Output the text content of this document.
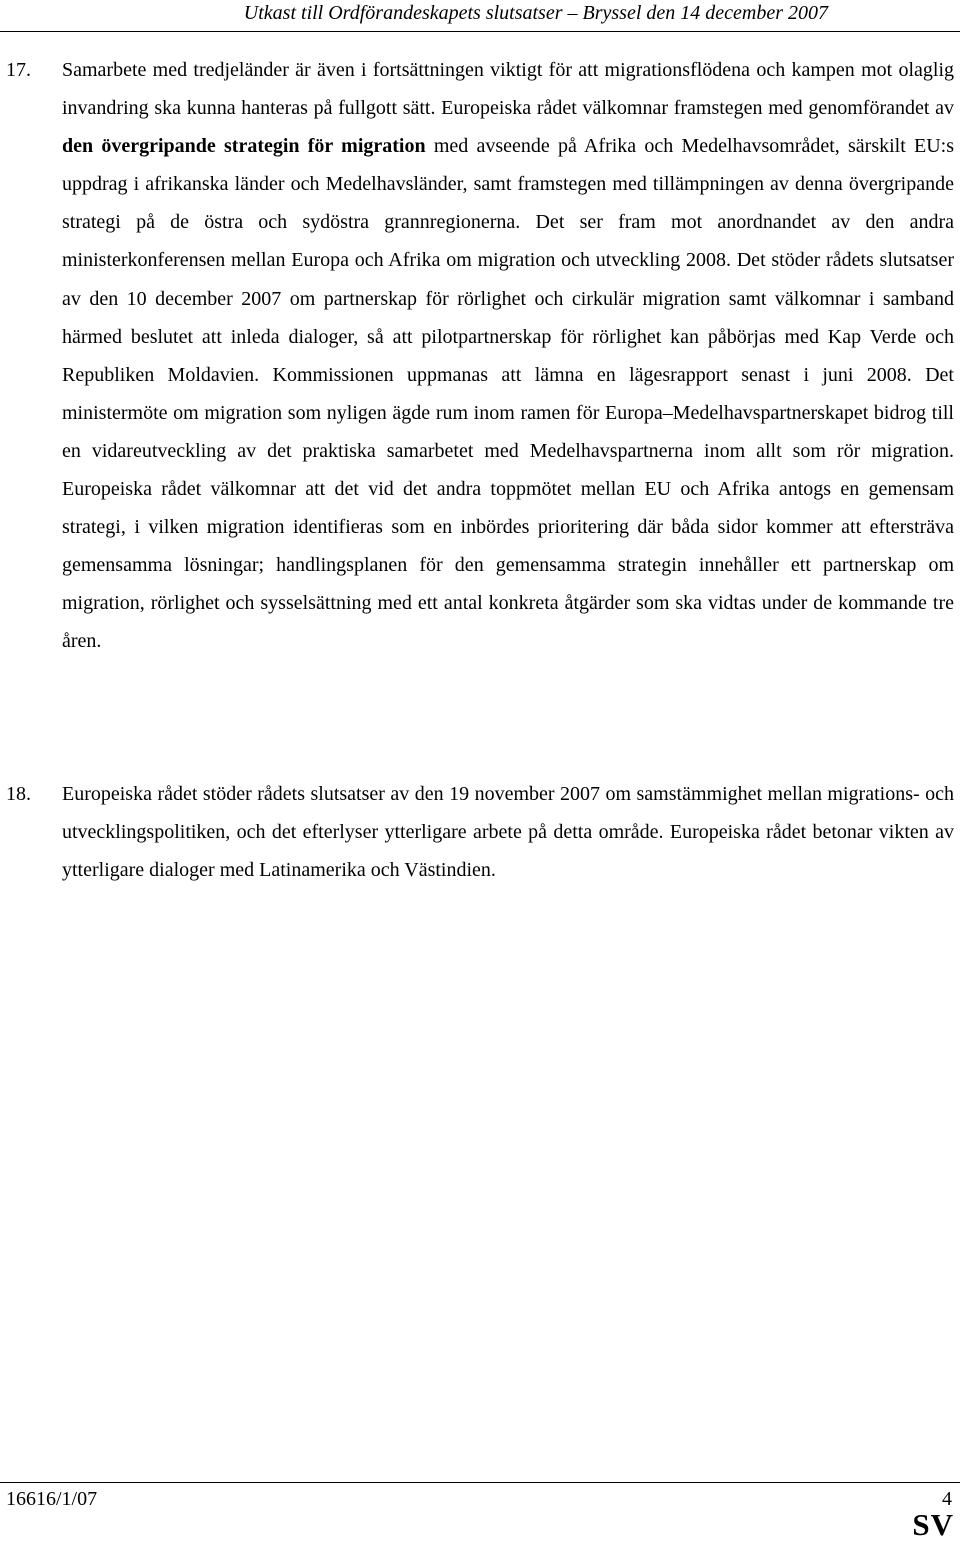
Utkast till Ordförandeskapets slutsatser – Bryssel den 14 december 2007
17. Samarbete med tredjeländer är även i fortsättningen viktigt för att migrationsflödena och kampen mot olaglig invandring ska kunna hanteras på fullgott sätt. Europeiska rådet välkomnar framstegen med genomförandet av den övergripande strategin för migration med avseende på Afrika och Medelhavsområdet, särskilt EU:s uppdrag i afrikanska länder och Medelhavsländer, samt framstegen med tillämpningen av denna övergripande strategi på de östra och sydöstra grannregionerna. Det ser fram mot anordnandet av den andra ministerkonferensen mellan Europa och Afrika om migration och utveckling 2008. Det stöder rådets slutsatser av den 10 december 2007 om partnerskap för rörlighet och cirkulär migration samt välkomnar i samband härmed beslutet att inleda dialoger, så att pilotpartnerskap för rörlighet kan påbörjas med Kap Verde och Republiken Moldavien. Kommissionen uppmanas att lämna en lägesrapport senast i juni 2008. Det ministermöte om migration som nyligen ägde rum inom ramen för Europa–Medelhavspartnerskapet bidrog till en vidareutveckling av det praktiska samarbetet med Medelhavspartnerna inom allt som rör migration. Europeiska rådet välkomnar att det vid det andra toppmötet mellan EU och Afrika antogs en gemensam strategi, i vilken migration identifieras som en inbördes prioritering där båda sidor kommer att eftersträva gemensamma lösningar; handlingsplanen för den gemensamma strategin innehåller ett partnerskap om migration, rörlighet och sysselsättning med ett antal konkreta åtgärder som ska vidtas under de kommande tre åren.
18. Europeiska rådet stöder rådets slutsatser av den 19 november 2007 om samstämmighet mellan migrations- och utvecklingspolitiken, och det efterlyser ytterligare arbete på detta område. Europeiska rådet betonar vikten av ytterligare dialoger med Latinamerika och Västindien.
16616/1/07	4
SV
